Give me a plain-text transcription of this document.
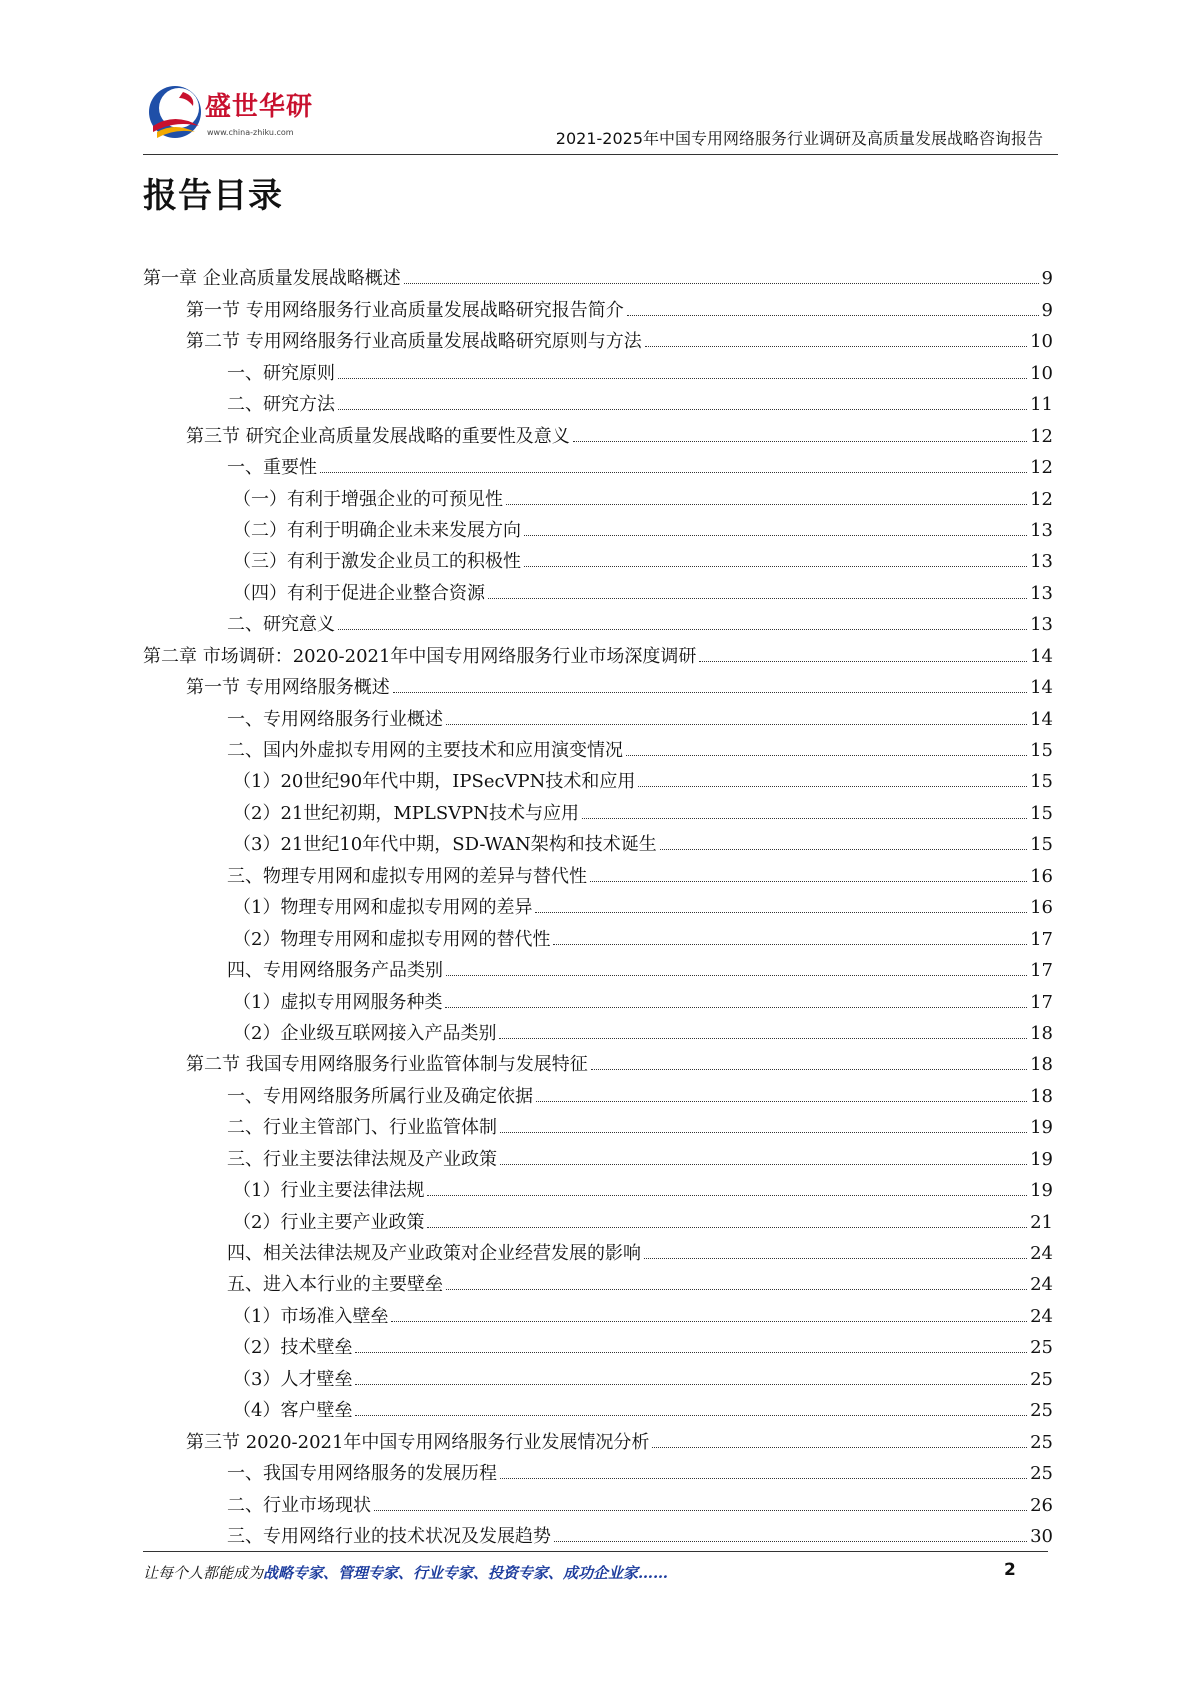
盛世华研
www.china-zhiku.com	2021-2025年中国专用网络服务行业调研及高质量发展战略咨询报告
报告目录
第一章 企业高质量发展战略概述	9
第一节 专用网络服务行业高质量发展战略研究报告简介	9
第二节 专用网络服务行业高质量发展战略研究原则与方法	10
一、研究原则	10
二、研究方法	11
第三节 研究企业高质量发展战略的重要性及意义	12
一、重要性	12
（一）有利于增强企业的可预见性	12
（二）有利于明确企业未来发展方向	13
（三）有利于激发企业员工的积极性	13
（四）有利于促进企业整合资源	13
二、研究意义	13
第二章 市场调研：2020-2021年中国专用网络服务行业市场深度调研	14
第一节 专用网络服务概述	14
一、专用网络服务行业概述	14
二、国内外虚拟专用网的主要技术和应用演变情况	15
（1）20世纪90年代中期，IPSecVPN技术和应用	15
（2）21世纪初期，MPLSVPN技术与应用	15
（3）21世纪10年代中期，SD-WAN架构和技术诞生	15
三、物理专用网和虚拟专用网的差异与替代性	16
（1）物理专用网和虚拟专用网的差异	16
（2）物理专用网和虚拟专用网的替代性	17
四、专用网络服务产品类别	17
（1）虚拟专用网服务种类	17
（2）企业级互联网接入产品类别	18
第二节 我国专用网络服务行业监管体制与发展特征	18
一、专用网络服务所属行业及确定依据	18
二、行业主管部门、行业监管体制	19
三、行业主要法律法规及产业政策	19
（1）行业主要法律法规	19
（2）行业主要产业政策	21
四、相关法律法规及产业政策对企业经营发展的影响	24
五、进入本行业的主要壁垒	24
（1）市场准入壁垒	24
（2）技术壁垒	25
（3）人才壁垒	25
（4）客户壁垒	25
第三节 2020-2021年中国专用网络服务行业发展情况分析	25
一、我国专用网络服务的发展历程	25
二、行业市场现状	26
三、专用网络行业的技术状况及发展趋势	30
让每个人都能成为战略专家、管理专家、行业专家、投资专家、成功企业家……	2
